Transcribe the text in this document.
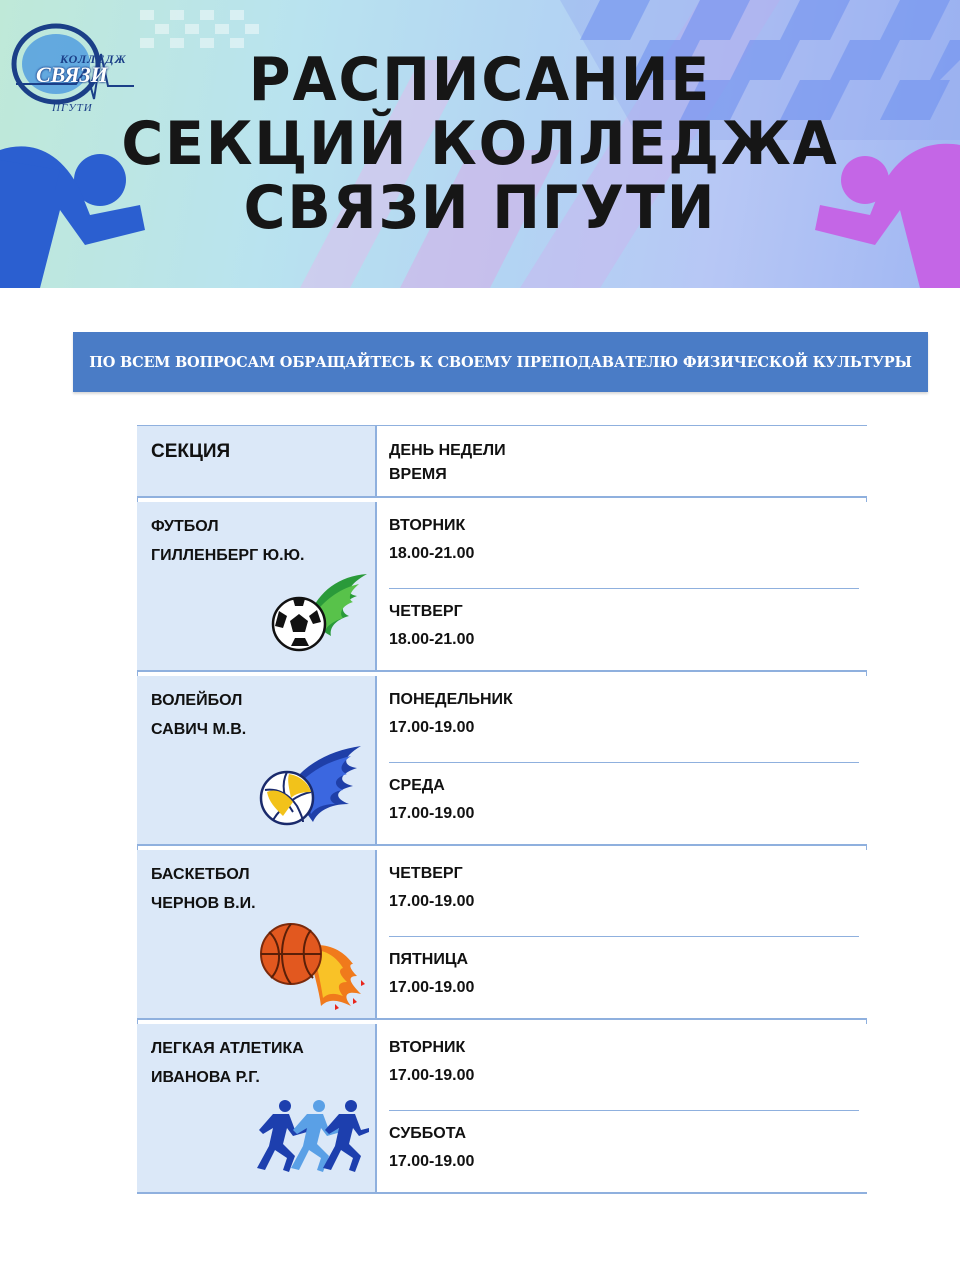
КОЛЛЕДЖ
СВЯЗИ
ПГУТИ	РАСПИСАНИЕ
СЕКЦИЙ КОЛЛЕДЖА
СВЯЗИ ПГУТИ
ПО ВСЕМ ВОПРОСАМ ОБРАЩАЙТЕСЬ К СВОЕМУ ПРЕПОДАВАТЕЛЮ ФИЗИЧЕСКОЙ КУЛЬТУРЫ
СЕКЦИЯ	ДЕНЬ НЕДЕЛИ
ВРЕМЯ
ФУТБОЛ
ГИЛЛЕНБЕРГ Ю.Ю.
ВТОРНИК
18.00-21.00
ЧЕТВЕРГ
18.00-21.00
ВОЛЕЙБОЛ
САВИЧ М.В.
ПОНЕДЕЛЬНИК
17.00-19.00
СРЕДА
17.00-19.00
БАСКЕТБОЛ
ЧЕРНОВ В.И.
ЧЕТВЕРГ
17.00-19.00
ПЯТНИЦА
17.00-19.00
ЛЕГКАЯ АТЛЕТИКА
ИВАНОВА Р.Г.
ВТОРНИК
17.00-19.00
СУББОТА
17.00-19.00
